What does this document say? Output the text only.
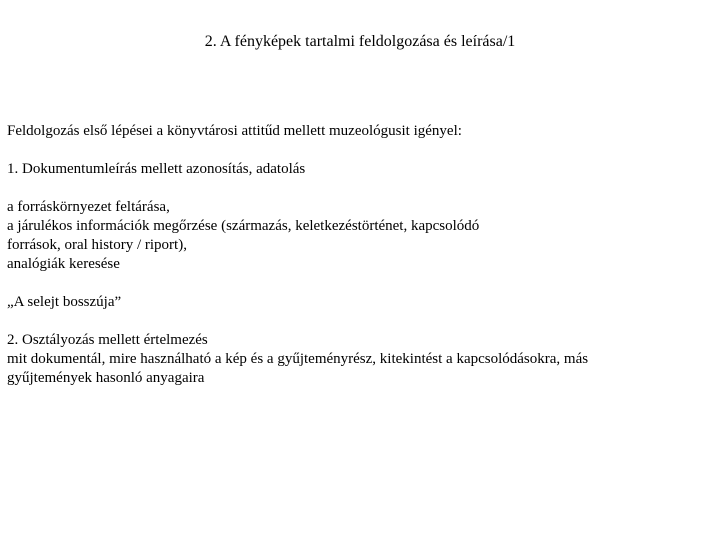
2. A fényképek tartalmi feldolgozása és leírása/1
Feldolgozás első lépései a könyvtárosi attitűd mellett muzeológusit igényel:
1. Dokumentumleírás mellett azonosítás, adatolás
a forráskörnyezet feltárása,
a járulékos információk megőrzése (származás, keletkezéstörténet, kapcsolódó
források, oral history / riport),
analógiák keresése
„A selejt bosszúja”
2. Osztályozás mellett értelmezés
mit dokumentál, mire használható a kép és a gyűjteményrész, kitekintést a kapcsolódásokra, más
gyűjtemények hasonló anyagaira
